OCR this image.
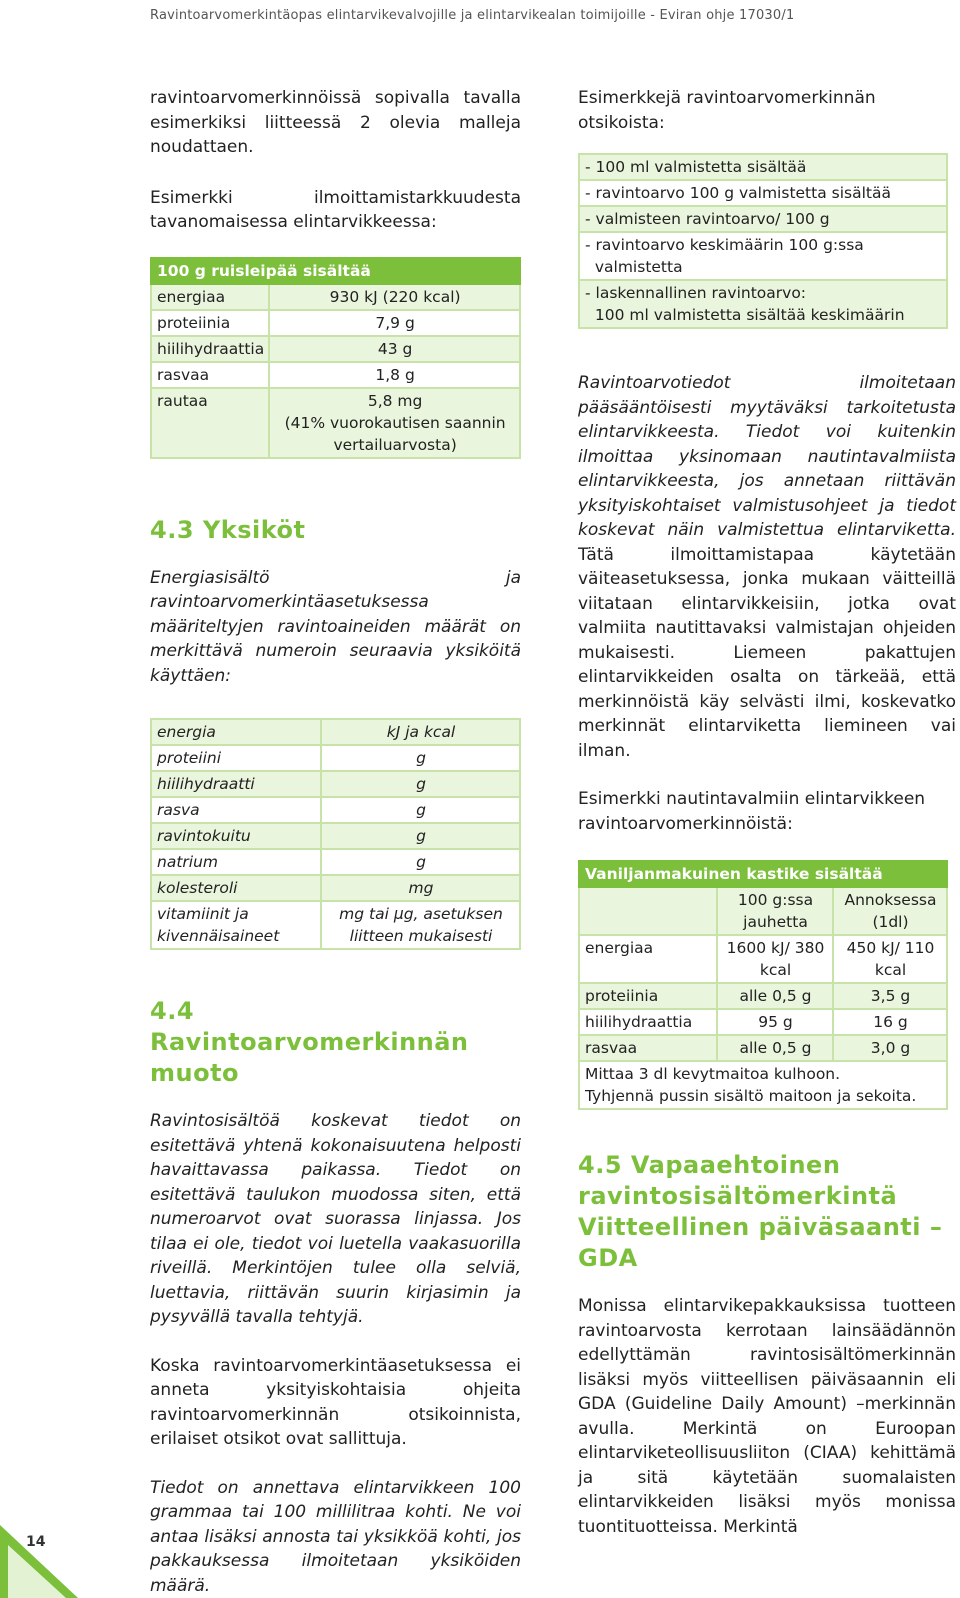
Ravintoarvomerkintäopas elintarvikevalvojille ja elintarvikealan toimijoille - Eviran ohje 17030/1

ravintoarvomerkinnöissä sopivalla tavalla esimerkiksi liitteessä 2 olevia malleja noudattaen.

Esimerkki ilmoittamistarkkuudesta tavanomaisessa elintarvikkeessa:

100 g ruisleipää sisältää	
energiaa	930 kJ (220 kcal)
proteiinia	7,9 g
hiilihydraattia	43 g
rasvaa	1,8 g
rautaa	5,8 mg
(41% vuorokautisen saannin vertailuarvosta)
4.3 Yksiköt

Energiasisältö ja ravintoarvomerkintäasetuksessa määriteltyjen ravintoaineiden määrät on merkittävä numeroin seuraavia yksiköitä käyttäen:

energia	kJ ja kcal
proteiini	g
hiilihydraatti	g
rasva	g
ravintokuitu	g
natrium	g
kolesteroli	mg
vitamiinit ja kivennäisaineet	mg tai μg, asetuksen liitteen mukaisesti
4.4 Ravintoarvomerkinnän muoto

Ravintosisältöä koskevat tiedot on esitettävä yhtenä kokonaisuutena helposti havaittavassa paikassa. Tiedot on esitettävä taulukon muodossa siten, että numeroarvot ovat suorassa linjassa. Jos tilaa ei ole, tiedot voi luetella vaakasuorilla riveillä. Merkintöjen tulee olla selviä, luettavia, riittävän suurin kirjasimin ja pysyvällä tavalla tehtyjä.

Koska ravintoarvomerkintäasetuksessa ei anneta yksityiskohtaisia ohjeita ravintoarvomerkinnän otsikoinnista, erilaiset otsikot ovat sallittuja.

Tiedot on annettava elintarvikkeen 100 grammaa tai 100 millilitraa kohti. Ne voi antaa lisäksi annosta tai yksikköä kohti, jos pakkauksessa ilmoitetaan yksiköiden määrä.

Esimerkkejä ravintoarvomerkinnän otsikoista:

- 100 ml valmistetta sisältää
- ravintoarvo 100 g valmistetta sisältää
- valmisteen ravintoarvo/ 100 g
- ravintoarvo keskimäärin 100 g:ssa
valmistetta
- laskennallinen ravintoarvo:
100 ml valmistetta sisältää keskimäärin

Ravintoarvotiedot ilmoitetaan pääsääntöisesti myytäväksi tarkoitetusta elintarvikkeesta. Tiedot voi kuitenkin ilmoittaa yksinomaan nautintavalmiista elintarvikkeesta, jos annetaan riittävän yksityiskohtaiset valmistusohjeet ja tiedot koskevat näin valmistettua elintarviketta. Tätä ilmoittamistapaa käytetään väiteasetuksessa, jonka mukaan väitteillä viitataan elintarvikkeisiin, jotka ovat valmiita nautittavaksi valmistajan ohjeiden mukaisesti. Liemeen pakattujen elintarvikkeiden osalta on tärkeää, että merkinnöistä käy selvästi ilmi, koskevatko merkinnät elintarviketta liemineen vai ilman.

Esimerkki nautintavalmiin elintarvikkeen ravintoarvomerkinnöistä:

Vaniljanmakuinen kastike sisältää		
	100 g:ssa jauhetta	Annoksessa (1dl)
energiaa	1600 kJ/ 380 kcal	450 kJ/ 110 kcal
proteiinia	alle 0,5 g	3,5 g
hiilihydraattia	95 g	16 g
rasvaa	alle 0,5 g	3,0 g
Mittaa 3 dl kevytmaitoa kulhoon.
Tyhjennä pussin sisältö maitoon ja sekoita.		
4.5 Vapaaehtoinen ravintosisältömerkintä Viitteellinen päiväsaanti – GDA

Monissa elintarvikepakkauksissa tuotteen ravintoarvosta kerrotaan lainsäädännön edellyttämän ravintosisältömerkinnän lisäksi myös viitteellisen päiväsaannin eli GDA (Guideline Daily Amount) –merkinnän avulla. Merkintä on Euroopan elintarviketeollisuusliiton (CIAA) kehittämä ja sitä käytetään suomalaisten elintarvikkeiden lisäksi myös monissa tuontituotteissa. Merkintä

14
